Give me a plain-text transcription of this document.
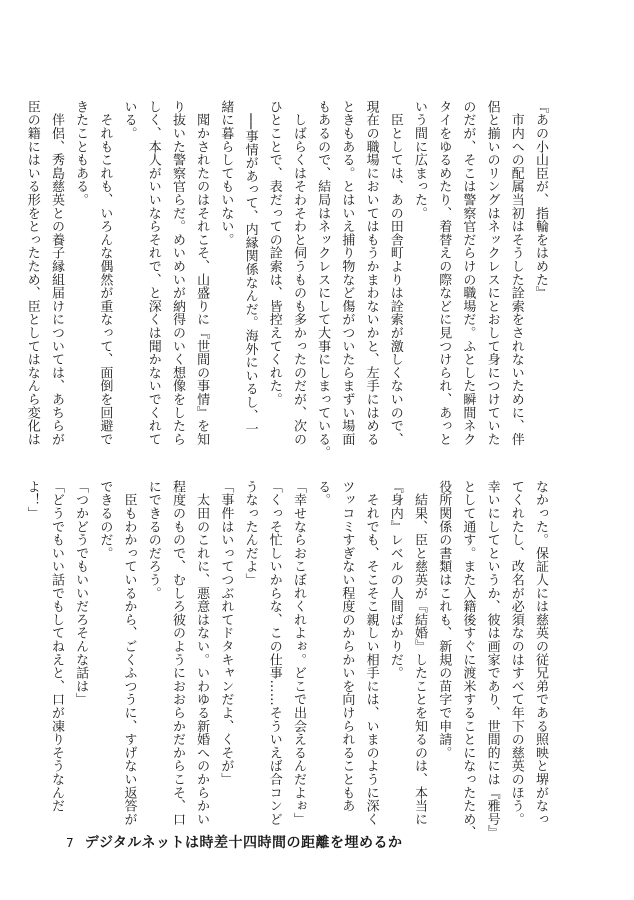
『あの小山臣が、指輪をはめた』
　市内への配属当初はそうした詮索をされないために、伴
侶と揃いのリングはネックレスにとおして身につけていた
のだが、そこは警察官だらけの職場だ。ふとした瞬間ネク
タイをゆるめたり、着替えの際などに見つけられ、あっと
いう間に広まった。
　臣としては、あの田舎町よりは詮索が激しくないので、
現在の職場においてはもうかまわないかと、左手にはめる
ときもある。とはいえ捕り物など傷がついたらまずい場面
もあるので、結局はネックレスにして大事にしまっている。
　しばらくはそわそわと伺うものも多かったのだが、次の
ひとことで、表だっての詮索は、皆控えてくれた。
　──事情があって、内縁関係なんだ。海外にいるし、一
緒に暮らしてもいない。
　聞かされたのはそれこそ、山盛りに『世間の事情』を知
り抜いた警察官らだ。めいめいが納得のいく想像をしたら
しく、本人がいいならそれで、と深くは聞かないでくれて
いる。
　それもこれも、いろんな偶然が重なって、面倒を回避で
きたこともある。
　伴侶、秀島慈英との養子縁組届けについては、あちらが
臣の籍にはいる形をとったため、臣としてはなんら変化は
なかった。保証人には慈英の従兄弟である照映と堺がなっ
てくれたし、改名が必須なのはすべて年下の慈英のほう。
幸いにしてというか、彼は画家であり、世間的には『雅号』
として通す。また入籍後すぐに渡米することになったため、
役所関係の書類はこれも、新規の苗字で申請。
　結果、臣と慈英が『結婚』したことを知るのは、本当に
『身内』レベルの人間ばかりだ。
　それでも、そこそこ親しい相手には、いまのように深く
ツッコミすぎない程度のからかいを向けられることもあ
る。
「幸せならおこぼれくれよぉ。どこで出会えるんだよぉ」
「くっそ忙しいからな、この仕事……そういえば合コンど
うなったんだよ」
「事件はいってつぶれてドタキャンだよ、くそが」
　太田のこれに、悪意はない。いわゆる新婚へのからかい
程度のもので、むしろ彼のようにおおらかだからこそ、口
にできるのだろう。
　臣もわかっているから、ごくふつうに、すげない返答が
できるのだ。
「つかどうでもいいだろそんな話は」
「どうでもいい話でもしてねえと、口が凍りそうなんだ
よ！」
7 デジタルネットは時差十四時間の距離を埋めるか
